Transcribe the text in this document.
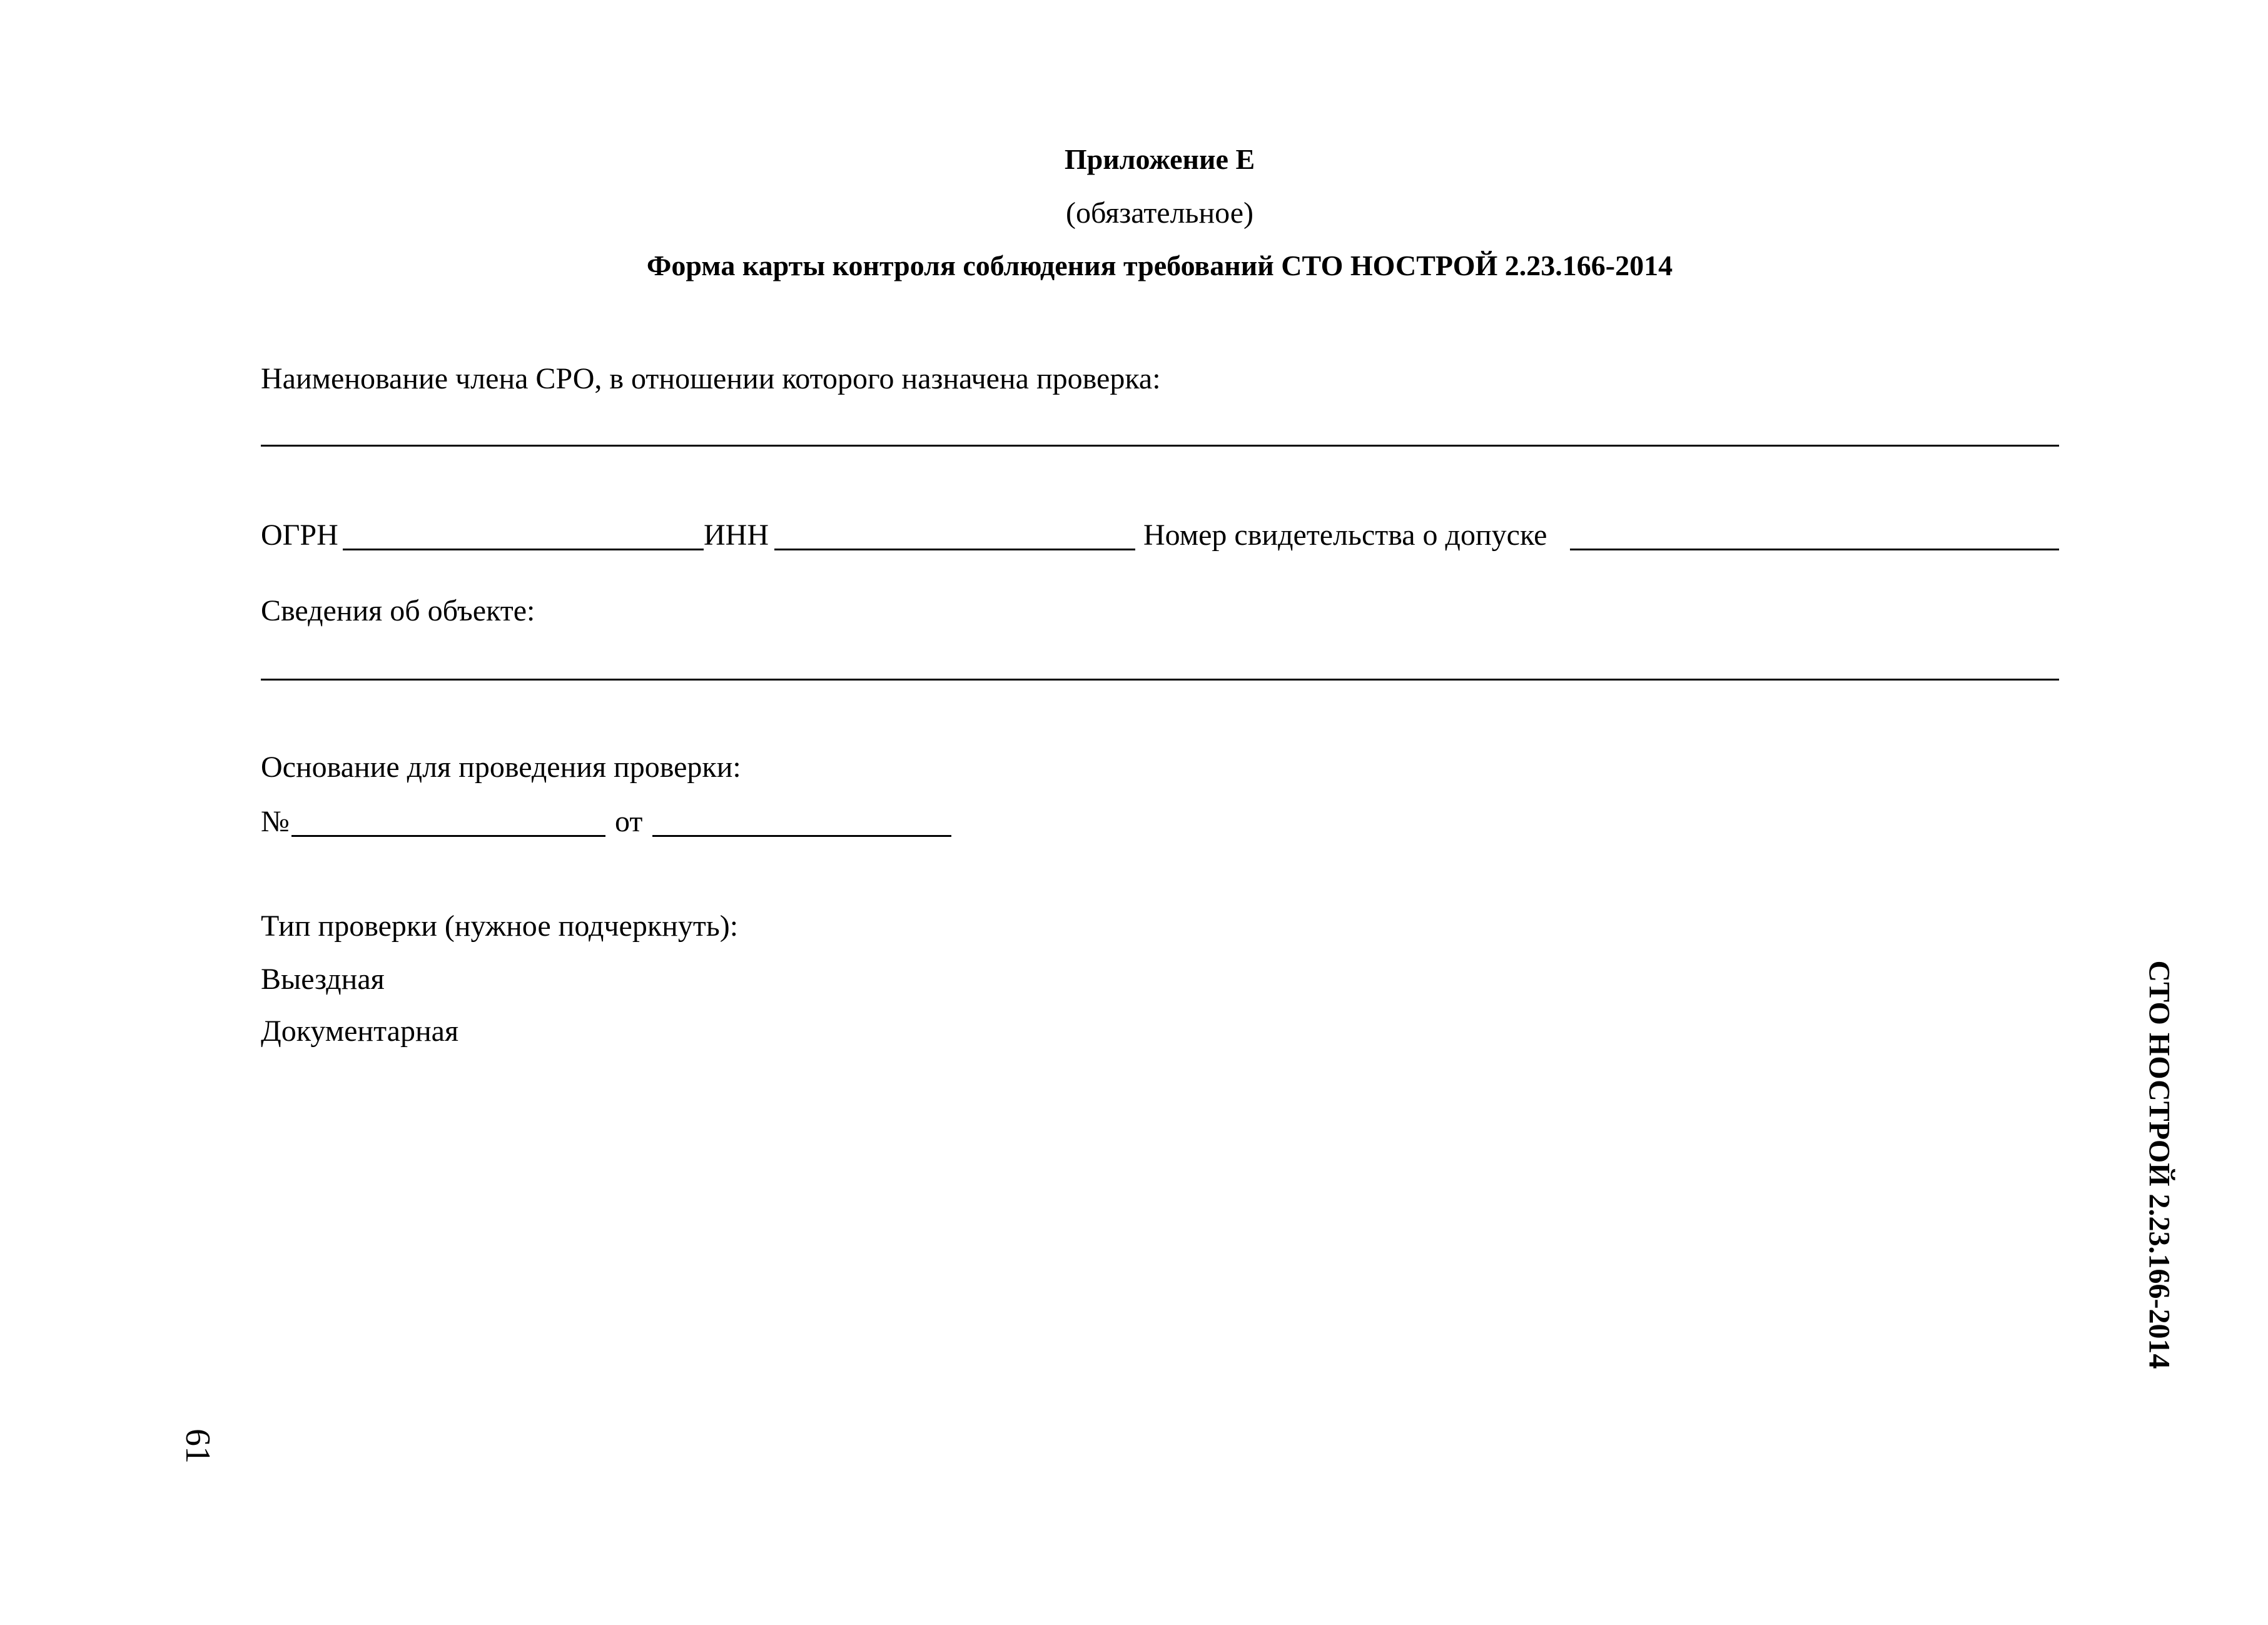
Приложение Е
(обязательное)
Форма карты контроля соблюдения требований СТО НОСТРОЙ 2.23.166-2014
Наименование члена СРО, в отношении которого назначена проверка:
ОГРН	ИНН	Номер свидетельства о допуске
Сведения об объекте:
Основание для проведения проверки:
№	от
Тип проверки (нужное подчеркнуть):
Выездная
Документарная	СТО НОСТРОЙ 2.23.166-2014
61
